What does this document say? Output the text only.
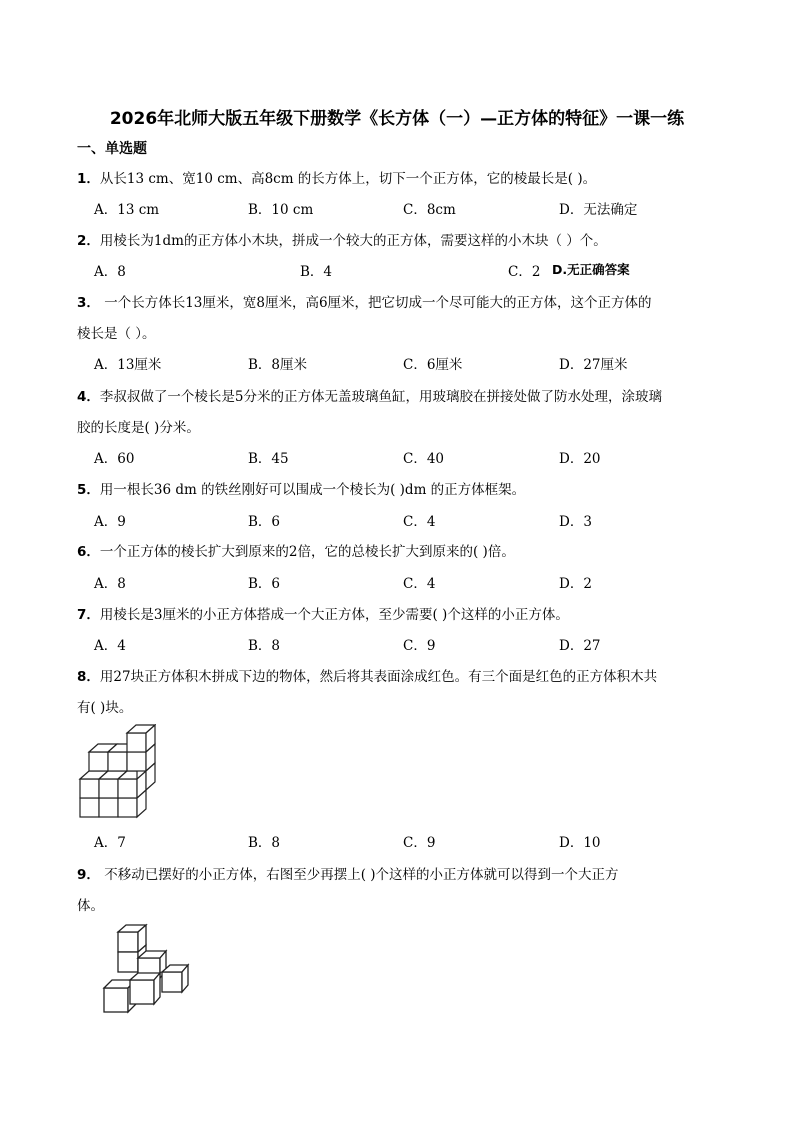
2026年北师大版五年级下册数学《长方体（一）—正方体的特征》一课一练
一、单选题
1．从长13 cm、宽10 cm、高8cm 的长方体上，切下一个正方体，它的棱最长是( )。
A．13 cm	B．10 cm	C．8cm	D．无法确定
2．用棱长为1dm的正方体小木块，拼成一个较大的正方体，需要这样的小木块（ ）个。
A．8	B．4	C．2 D.无正确答案
3． 一个长方体长13厘米，宽8厘米，高6厘米，把它切成一个尽可能大的正方体，这个正方体的
棱长是（ ）。
A．13厘米	B．8厘米	C．6厘米	D．27厘米
4．李叔叔做了一个棱长是5分米的正方体无盖玻璃鱼缸，用玻璃胶在拼接处做了防水处理，涂玻璃
胶的长度是( )分米。
A．60	B．45	C．40	D．20
5．用一根长36 dm 的铁丝刚好可以围成一个棱长为( )dm 的正方体框架。
A．9	B．6	C．4	D．3
6．一个正方体的棱长扩大到原来的2倍，它的总棱长扩大到原来的( )倍。
A．8	B．6	C．4	D．2
7．用棱长是3厘米的小正方体搭成一个大正方体，至少需要( )个这样的小正方体。
A．4	B．8	C．9	D．27
8．用27块正方体积木拼成下边的物体，然后将其表面涂成红色。有三个面是红色的正方体积木共
有( )块。
A．7	B．8	C．9	D．10
9． 不移动已摆好的小正方体，右图至少再摆上( )个这样的小正方体就可以得到一个大正方
体。
